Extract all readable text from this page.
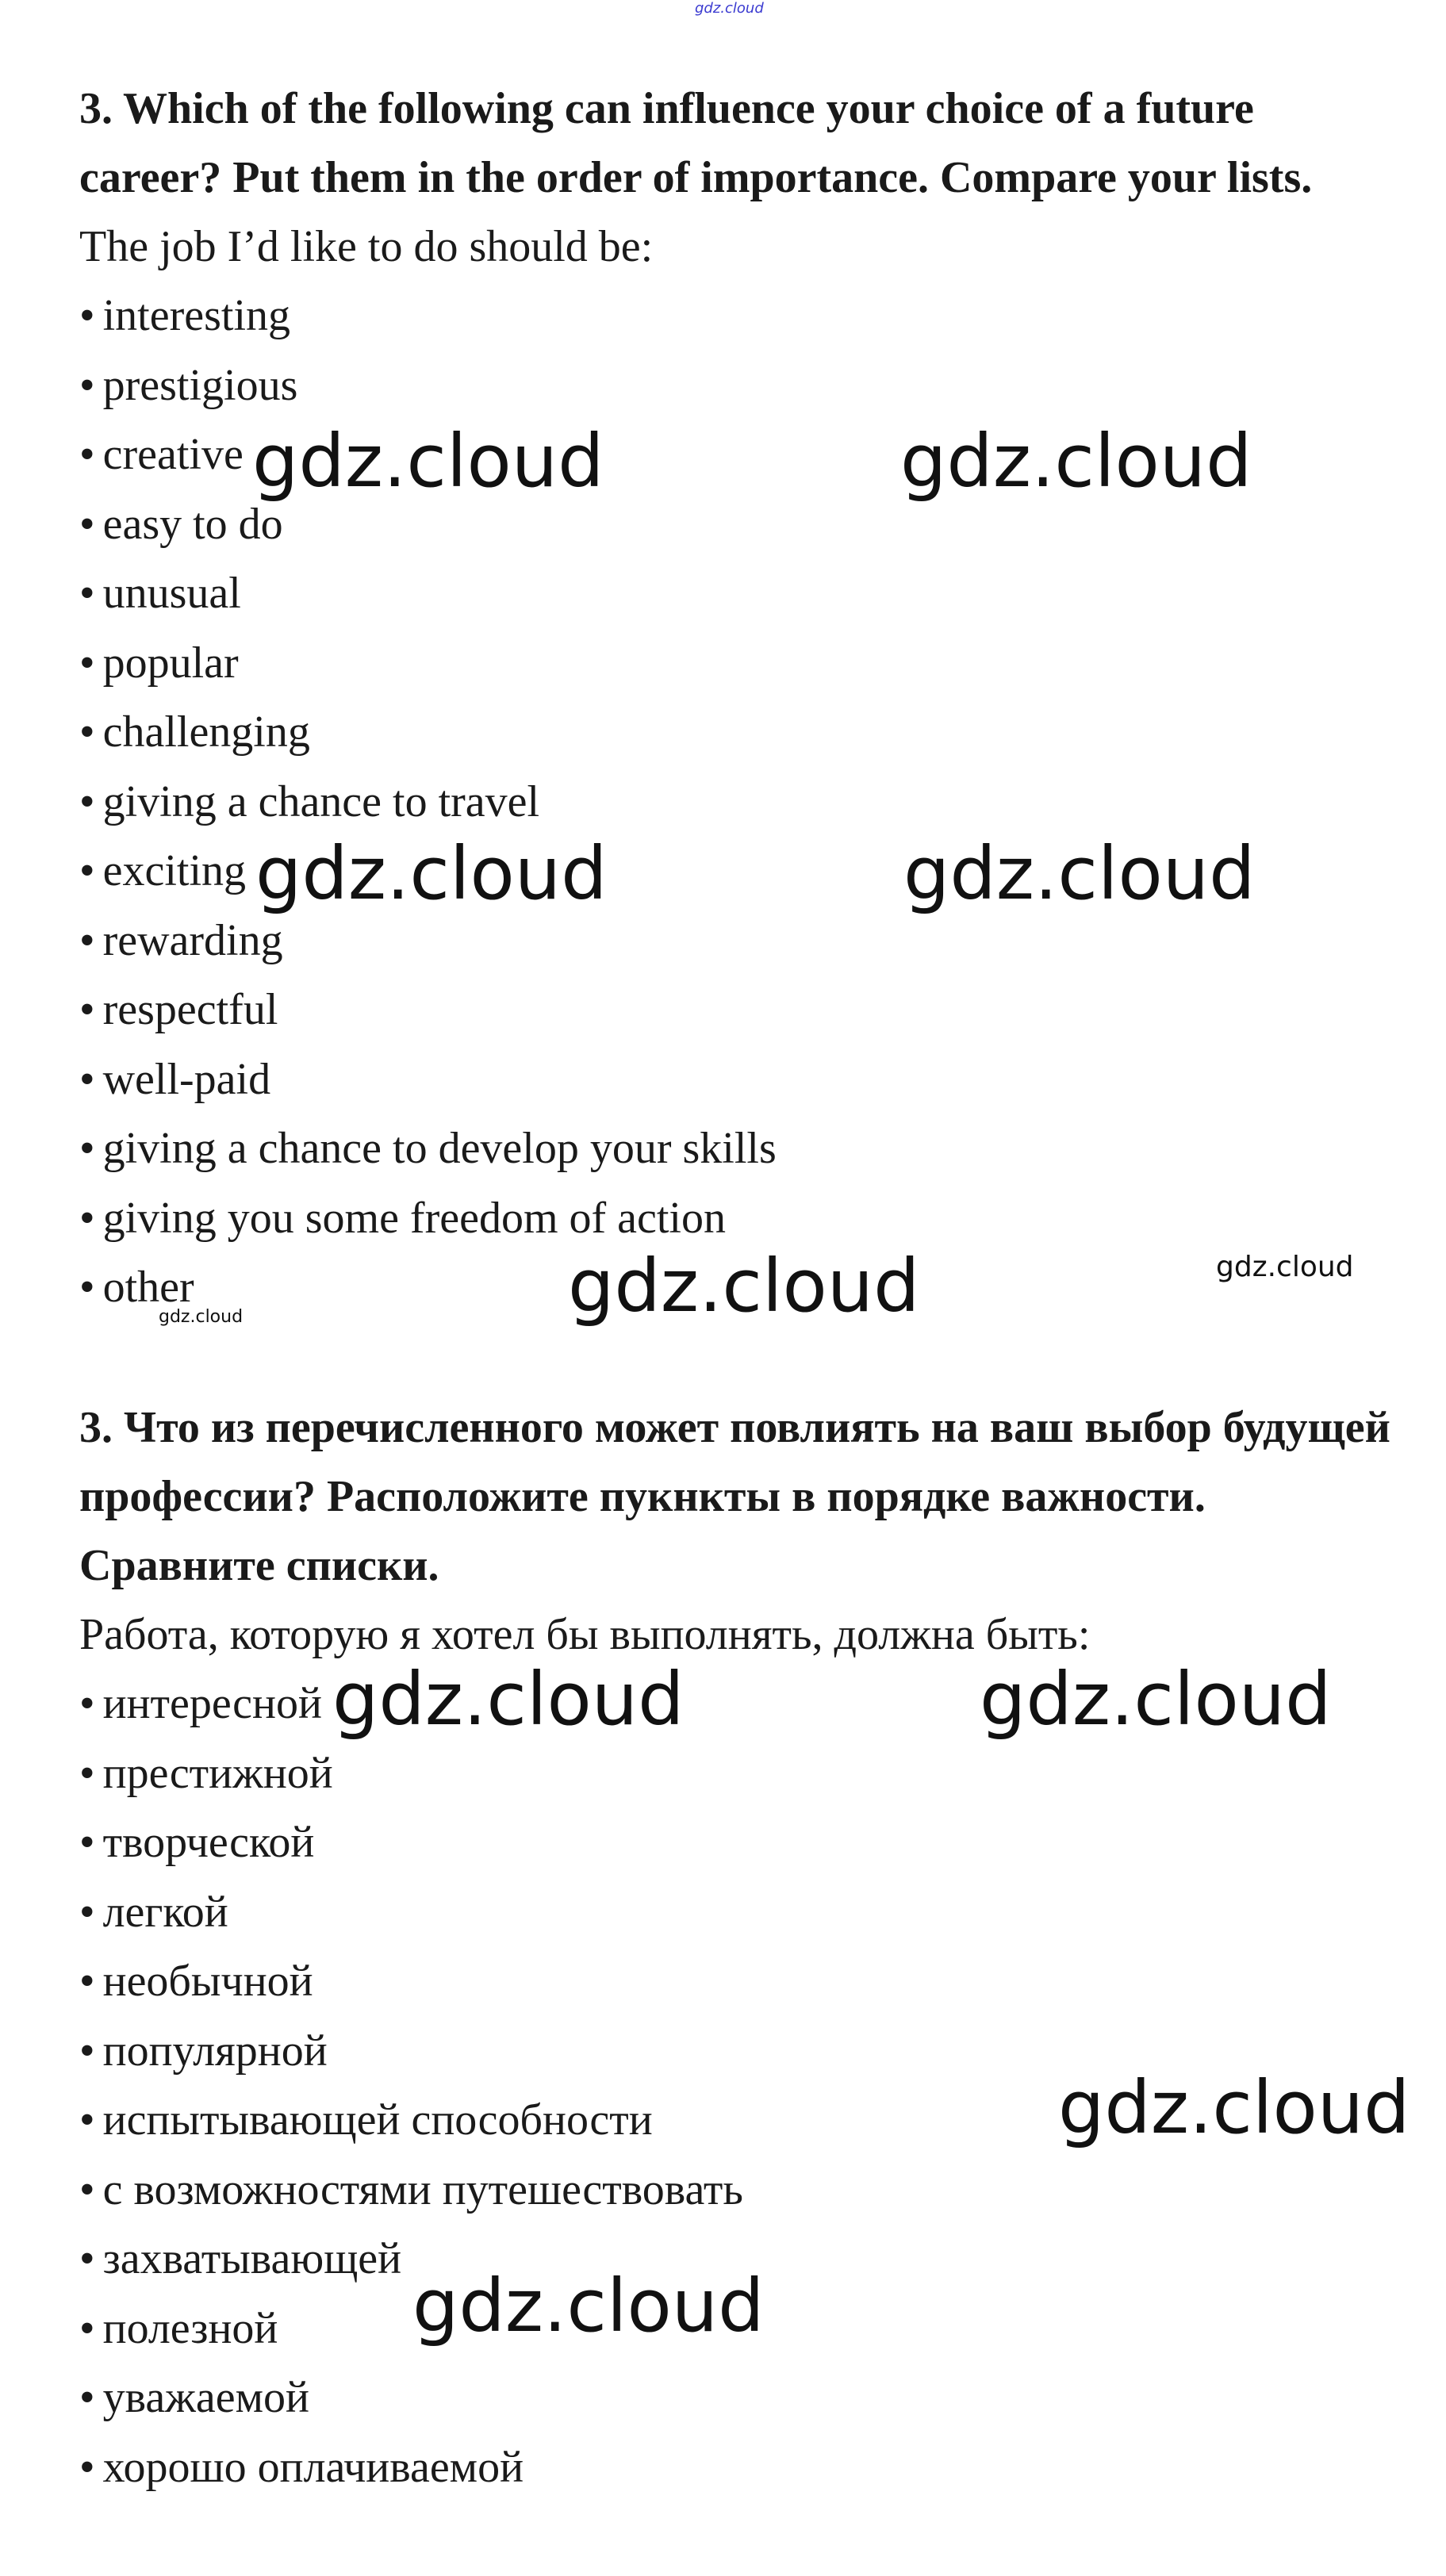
gdz.cloud

3. Which of the following can influence your choice of a future career? Put them in the order of importance. Compare your lists.

The job I’d like to do should be:

• interesting
• prestigious
• creative
• easy to do
• unusual
• popular
• challenging
• giving a chance to travel
• exciting
• rewarding
• respectful
• well-paid
• giving a chance to develop your skills
• giving you some freedom of action
• other

3. Что из перечисленного может повлиять на ваш выбор будущей профессии? Расположите пукнкты в порядке важности. Сравните списки.

Работа, которую я хотел бы выполнять, должна быть:

• интересной
• престижной
• творческой
• легкой
• необычной
• популярной
• испытывающей способности
• с возможностями путешествовать
• захватывающей
• полезной
• уважаемой
• хорошо оплачиваемой
gdz.cloud	gdz.cloud
gdz.cloud	gdz.cloud
gdz.cloud	gdz.cloud
gdz.cloud
gdz.cloud	gdz.cloud
gdz.cloud
gdz.cloud
